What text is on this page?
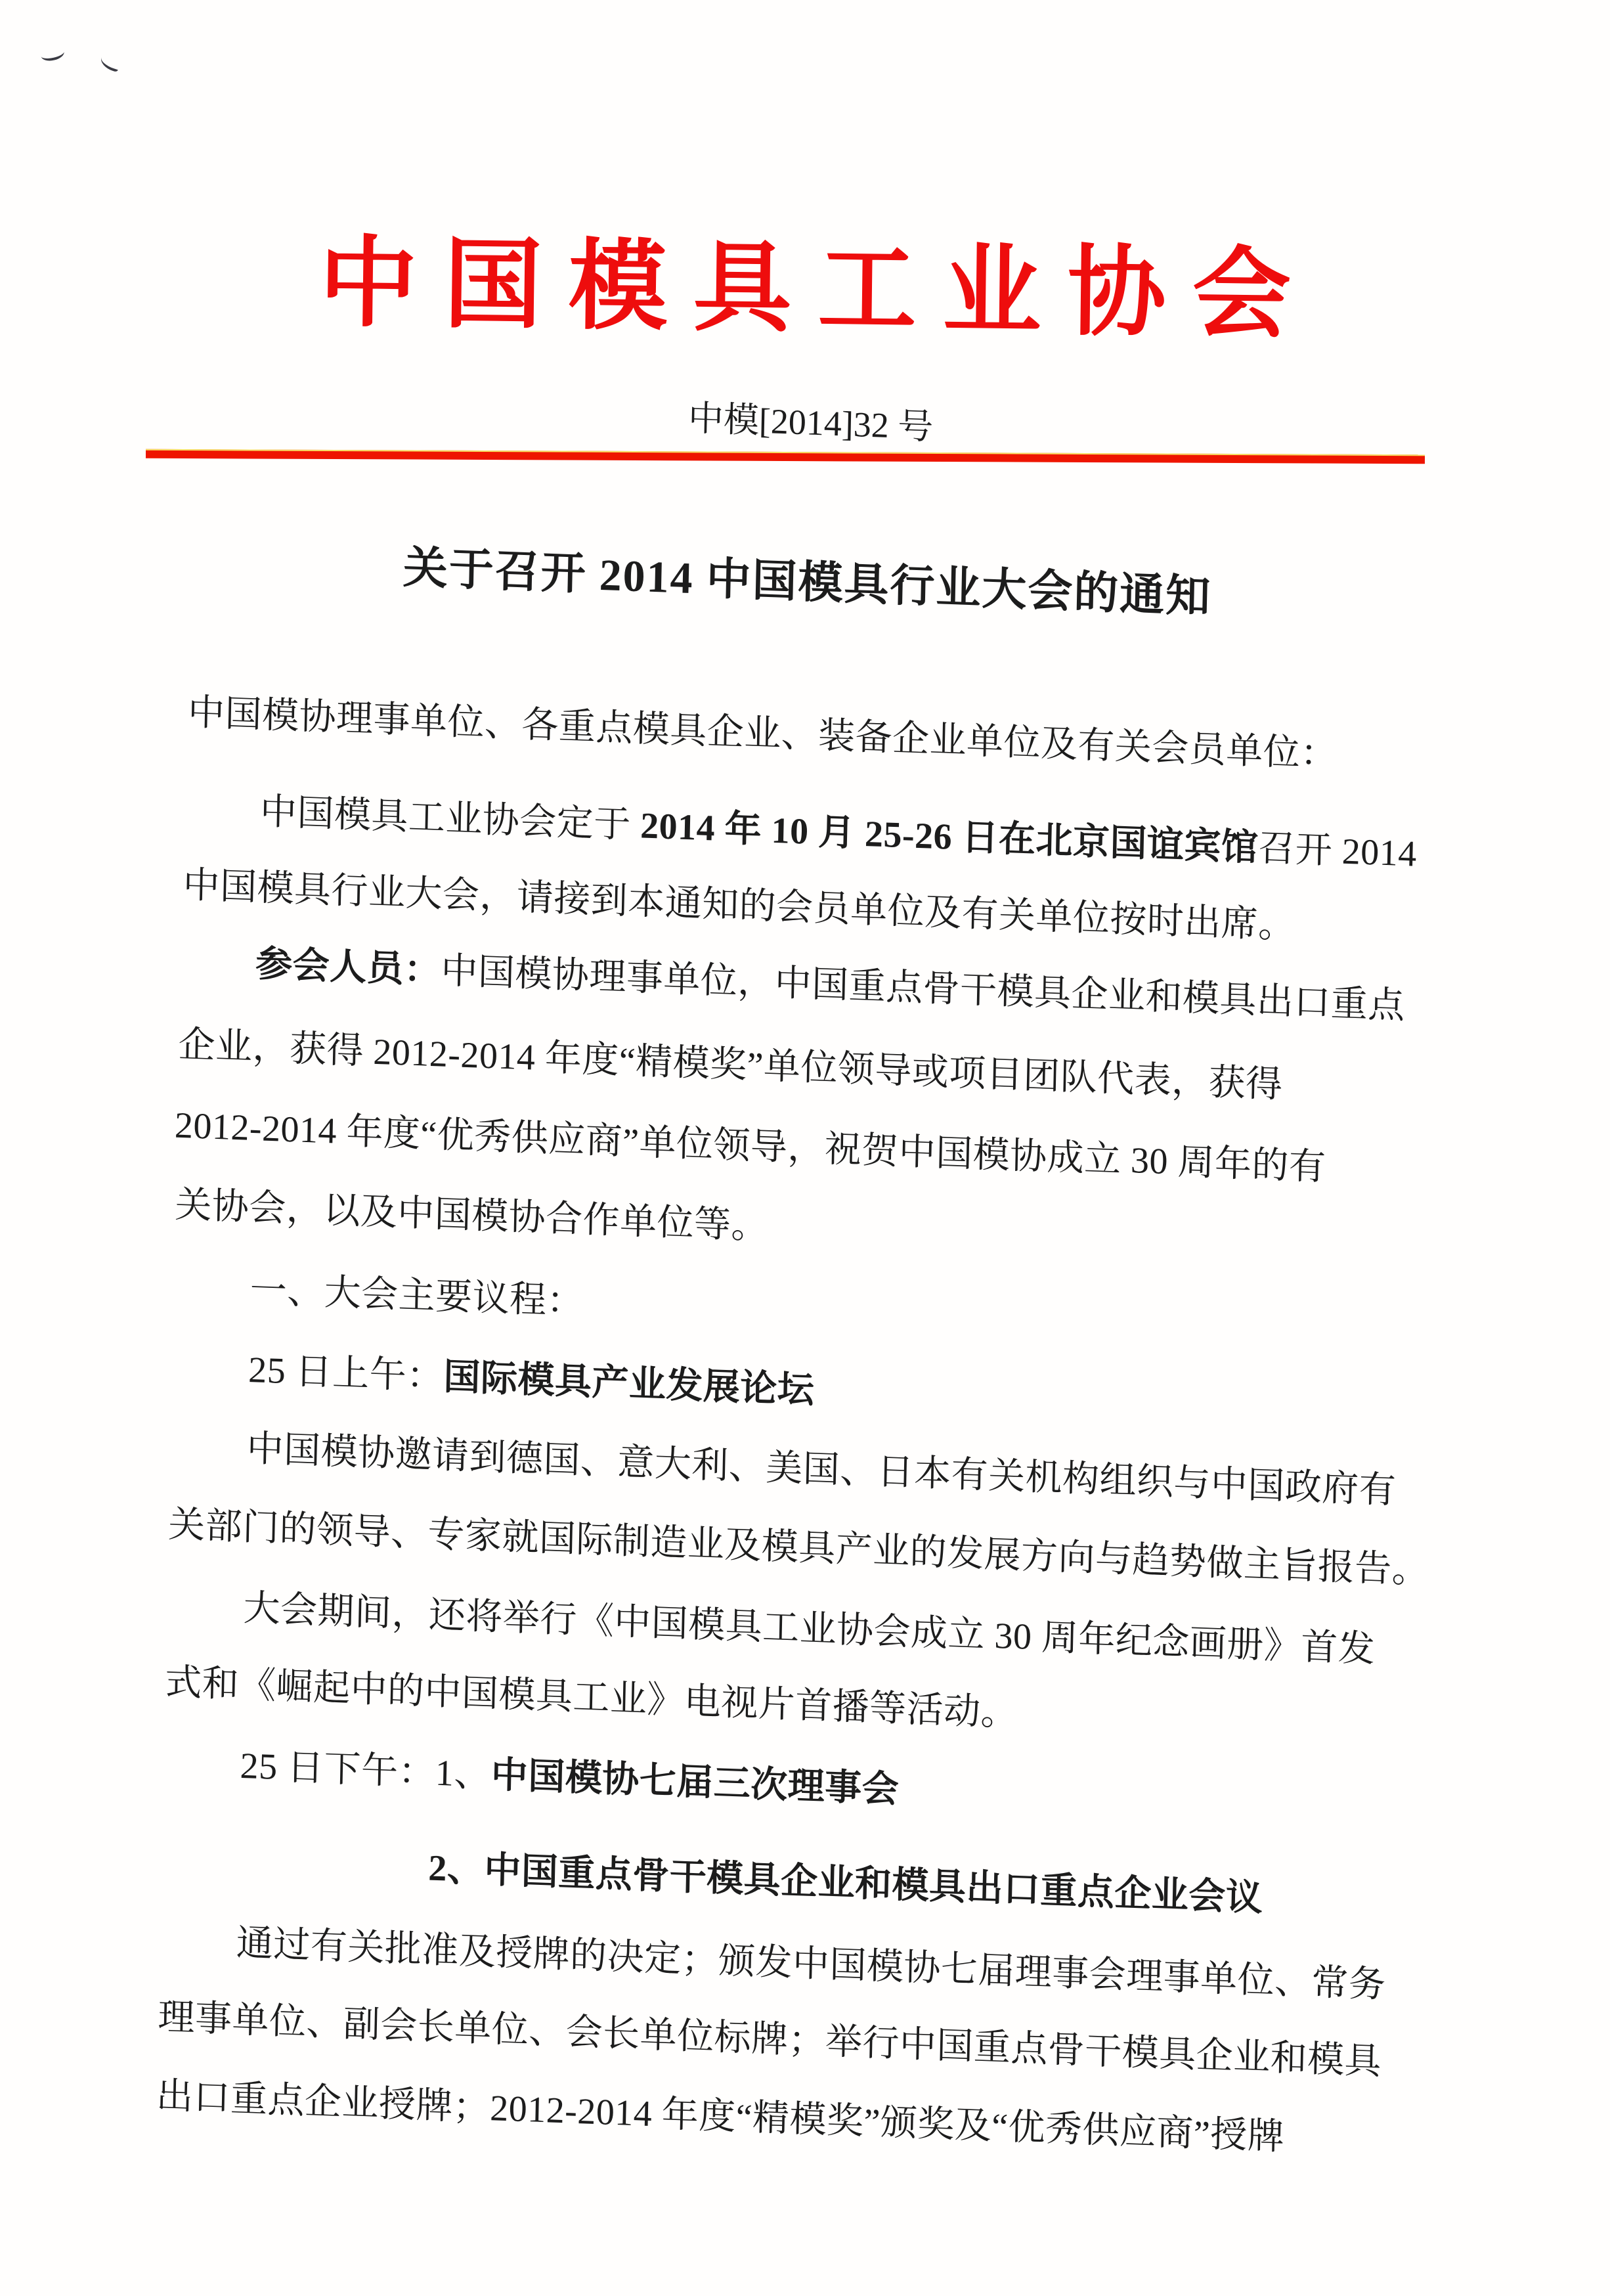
中国模具工业协会
中模[2014]32 号
关于召开 2014 中国模具行业大会的通知
中国模协理事单位、各重点模具企业、装备企业单位及有关会员单位：
中国模具工业协会定于 2014 年 10 月 25-26 日在北京国谊宾馆召开 2014
中国模具行业大会，请接到本通知的会员单位及有关单位按时出席。
参会人员：中国模协理事单位，中国重点骨干模具企业和模具出口重点
企业，获得 2012-2014 年度“精模奖”单位领导或项目团队代表，获得
2012-2014 年度“优秀供应商”单位领导，祝贺中国模协成立 30 周年的有
关协会，以及中国模协合作单位等。
一、大会主要议程：
25 日上午：国际模具产业发展论坛
中国模协邀请到德国、意大利、美国、日本有关机构组织与中国政府有
关部门的领导、专家就国际制造业及模具产业的发展方向与趋势做主旨报告。
大会期间，还将举行《中国模具工业协会成立 30 周年纪念画册》首发
式和《崛起中的中国模具工业》电视片首播等活动。
25 日下午：1、中国模协七届三次理事会
2、中国重点骨干模具企业和模具出口重点企业会议
通过有关批准及授牌的决定；颁发中国模协七届理事会理事单位、常务
理事单位、副会长单位、会长单位标牌；举行中国重点骨干模具企业和模具
出口重点企业授牌；2012-2014 年度“精模奖”颁奖及“优秀供应商”授牌
